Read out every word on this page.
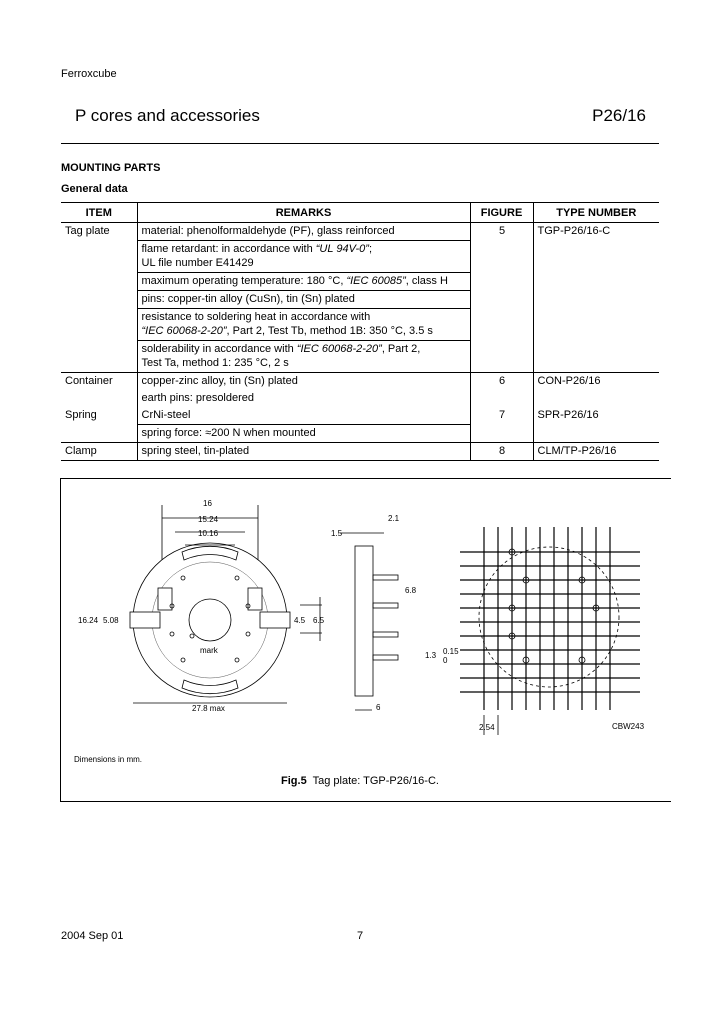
Ferroxcube
P cores and accessories	P26/16
MOUNTING PARTS
General data
ITEM	REMARKS	FIGURE	TYPE NUMBER
Tag plate	material: phenolformaldehyde (PF), glass reinforced	5	TGP-P26/16-C
	flame retardant: in accordance with “UL 94V-0”;
UL file number E41429		
	maximum operating temperature: 180 °C, “IEC 60085”, class H		
	pins: copper-tin alloy (CuSn), tin (Sn) plated		
	resistance to soldering heat in accordance with
“IEC 60068-2-20”, Part 2, Test Tb, method 1B: 350 °C, 3.5 s		
	solderability in accordance with “IEC 60068-2-20”, Part 2,
Test Ta, method 1: 235 °C, 2 s		
Container	copper-zinc alloy, tin (Sn) plated	6	CON-P26/16
	earth pins: presoldered		
Spring	CrNi-steel	7	SPR-P26/16
	spring force: ≈200 N when mounted		
Clamp	spring steel, tin-plated	8	CLM/TP-P26/16
16
15.24
10.16
16.24 5.08	4.5 6.5
27.8 max
mark
1.5
2.1
6.8
6
1.3 0.15
0
2.54	CBW243
Dimensions in mm.
Fig.5  Tag plate: TGP-P26/16-C.
2004 Sep 01	7
